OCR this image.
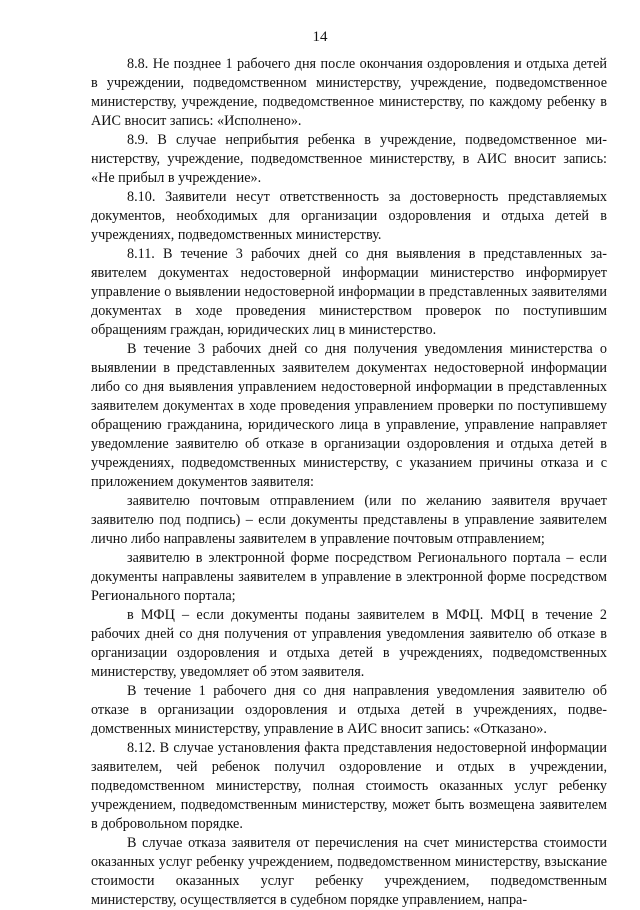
14

8.8. Не позднее 1 рабочего дня после окончания оздоровления и отдыха детей в учреждении, подведомственном министерству, учреждение, подведомственное министерству, учреждение, подведомственное министерству, по каждому ребенку в АИС вносит запись: «Исполнено».

8.9. В случае неприбытия ребенка в учреждение, подведомственное министерству, учреждение, подведомственное министерству, в АИС вносит запись: «Не прибыл в учреждение».

8.10. Заявители несут ответственность за достоверность представляемых документов, необходимых для организации оздоровления и отдыха детей в учреждениях, подведомственных министерству.

8.11. В течение 3 рабочих дней со дня выявления в представленных заявителем документах недостоверной информации министерство информирует управление о выявлении недостоверной информации в представленных заявителями документах в ходе проведения министерством проверок по поступившим обращениям граждан, юридических лиц в министерство.

В течение 3 рабочих дней со дня получения уведомления министерства о выявлении в представленных заявителем документах недостоверной информации либо со дня выявления управлением недостоверной информации в представленных заявителем документах в ходе проведения управлением проверки по поступившему обращению гражданина, юридического лица в управление, управление направляет уведомление заявителю об отказе в организации оздоровления и отдыха детей в учреждениях, подведомственных министерству, с указанием причины отказа и с приложением документов заявителя:

заявителю почтовым отправлением (или по желанию заявителя вручает заявителю под подпись) – если документы представлены в управление заявителем лично либо направлены заявителем в управление почтовым отправлением;

заявителю в электронной форме посредством Регионального портала – если документы направлены заявителем в управление в электронной форме посредством Регионального портала;

в МФЦ – если документы поданы заявителем в МФЦ. МФЦ в течение 2 рабочих дней со дня получения от управления уведомления заявителю об отказе в организации оздоровления и отдыха детей в учреждениях, подведомственных министерству, уведомляет об этом заявителя.

В течение 1 рабочего дня со дня направления уведомления заявителю об отказе в организации оздоровления и отдыха детей в учреждениях, подведомственных министерству, управление в АИС вносит запись: «Отказано».

8.12. В случае установления факта представления недостоверной информации заявителем, чей ребенок получил оздоровление и отдых в учреждении, подведомственном министерству, полная стоимость оказанных услуг ребенку учреждением, подведомственным министерству, может быть возмещена заявителем в добровольном порядке.

В случае отказа заявителя от перечисления на счет министерства стоимости оказанных услуг ребенку учреждением, подведомственном министерству, взыскание стоимости оказанных услуг ребенку учреждением, подведомственным министерству, осуществляется в судебном порядке управлением, напра-
